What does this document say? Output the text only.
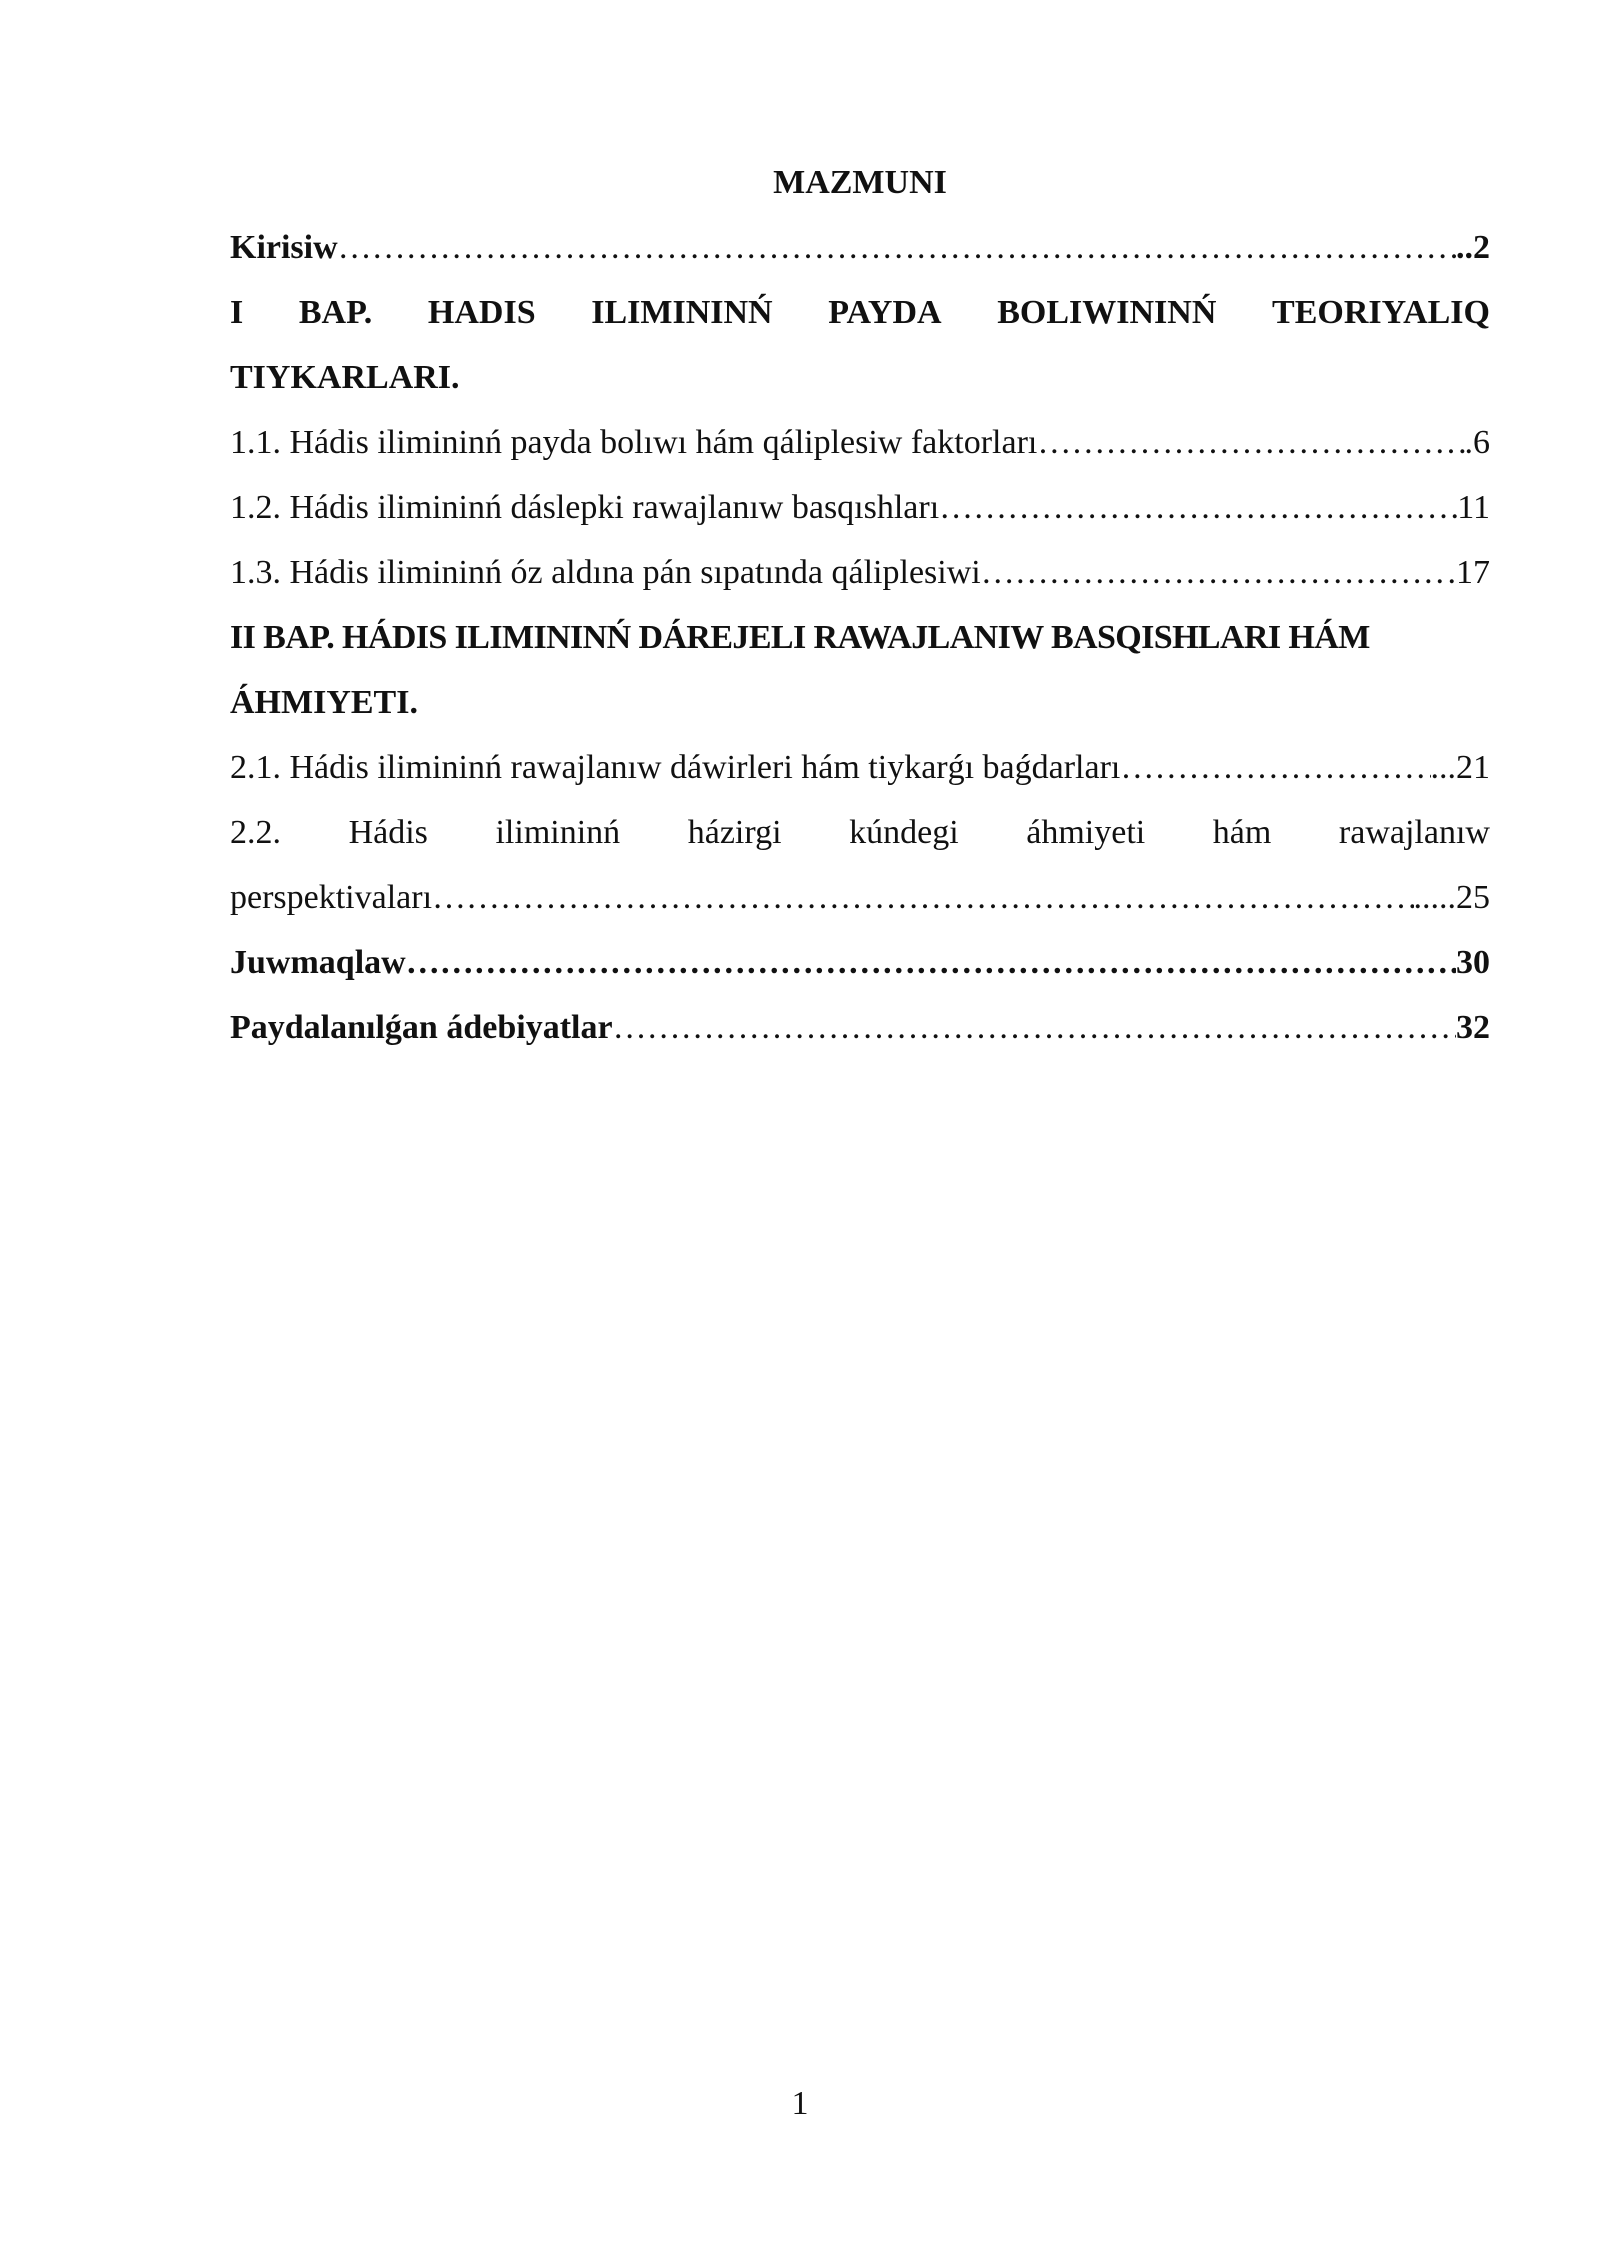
MAZMUNI
Kirisiw ……………………………………………………………………………………………………………………………………………………………	..2
I BAP. HADIS ILIMININŃ PAYDA BOLIWININŃ TEORIYALIQ
TIYKARLARI.
1.1. Hádis ilimininń payda bolıwı hám qáliplesiw faktorları ……………………………………………………………………………………………………………………………………………………………	.6
1.2. Hádis ilimininń dáslepki rawajlanıw basqıshları ……………………………………………………………………………………………………………………………………………………………	11
1.3. Hádis ilimininń óz aldına pán sıpatında qáliplesiwi ……………………………………………………………………………………………………………………………………………………………	.17
II BAP. HÁDIS ILIMININŃ DÁREJELI RAWAJLANIW BASQISHLARI HÁM
ÁHMIYETI.
2.1. Hádis ilimininń rawajlanıw dáwirleri hám tiykarǵı baǵdarları ……………………………………………………………………………………………………………………………………………………………	...21
2.2. Hádis ilimininń házirgi kúndegi áhmiyeti hám rawajlanıw
perspektivaları ……………………………………………………………………………………………………………………………………………………………	.....25
Juwmaqlaw ……………………………………………………………………………………………………………………………………………………………	30
Paydalanılǵan ádebiyatlar ……………………………………………………………………………………………………………………………………………………………	32
1
